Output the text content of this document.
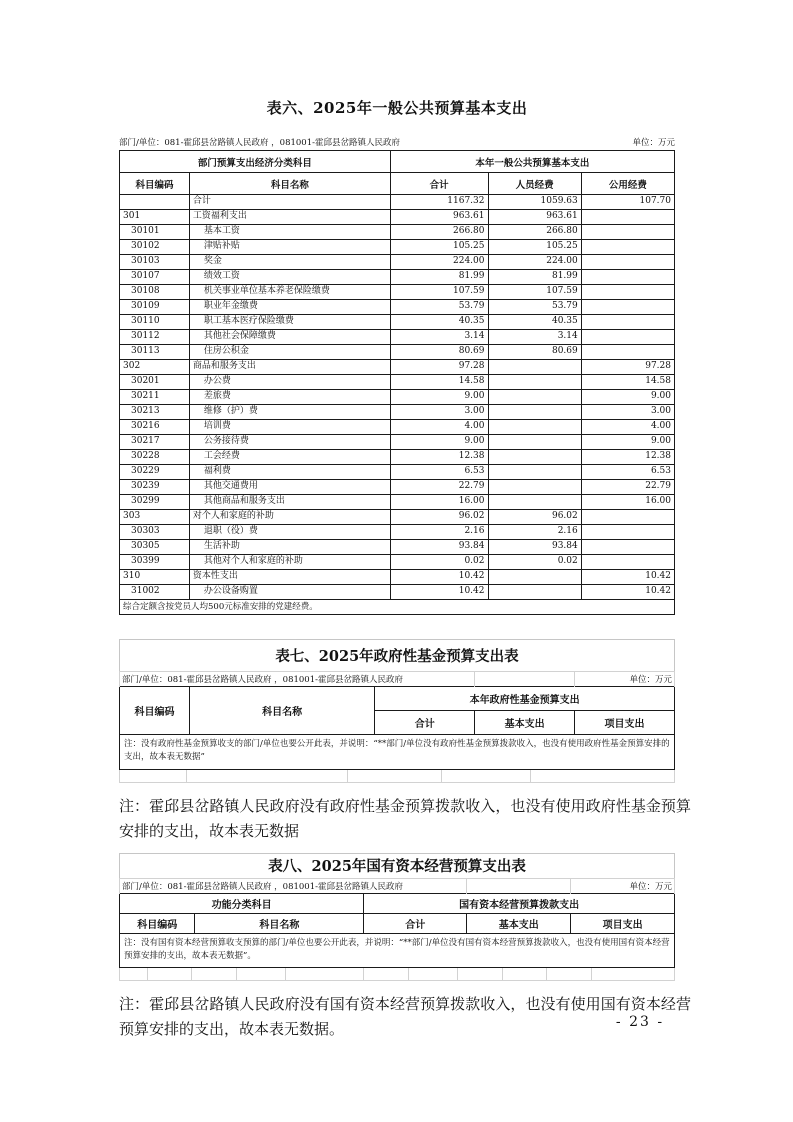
表六、2025年一般公共预算基本支出
部门/单位：081-霍邱县岔路镇人民政府 ，081001-霍邱县岔路镇人民政府	单位：万元
部门预算支出经济分类科目		本年一般公共预算基本支出		
科目编码	科目名称	合计	人员经费	公用经费
	合计	1167.32	1059.63	107.70
301	工资福利支出	963.61	963.61	
30101	基本工资	266.80	266.80	
30102	津贴补贴	105.25	105.25	
30103	奖金	224.00	224.00	
30107	绩效工资	81.99	81.99	
30108	机关事业单位基本养老保险缴费	107.59	107.59	
30109	职业年金缴费	53.79	53.79	
30110	职工基本医疗保险缴费	40.35	40.35	
30112	其他社会保障缴费	3.14	3.14	
30113	住房公积金	80.69	80.69	
302	商品和服务支出	97.28		97.28
30201	办公费	14.58		14.58
30211	差旅费	9.00		9.00
30213	维修（护）费	3.00		3.00
30216	培训费	4.00		4.00
30217	公务接待费	9.00		9.00
30228	工会经费	12.38		12.38
30229	福利费	6.53		6.53
30239	其他交通费用	22.79		22.79
30299	其他商品和服务支出	16.00		16.00
303	对个人和家庭的补助	96.02	96.02	
30303	退职（役）费	2.16	2.16	
30305	生活补助	93.84	93.84	
30399	其他对个人和家庭的补助	0.02	0.02	
310	资本性支出	10.42		10.42
31002	办公设备购置	10.42		10.42
综合定额含按党员人均500元标准安排的党建经费。				
表七、2025年政府性基金预算支出表				
部门/单位：081-霍邱县岔路镇人民政府 ，081001-霍邱县岔路镇人民政府				单位：万元
科目编码	科目名称	本年政府性基金预算支出		
		合计	基本支出	项目支出
注：没有政府性基金预算收支的部门/单位也要公开此表，并说明：“**部门/单位没有政府性基金预算拨款收入，也没有使用政府性基金预算安排的支出，故本表无数据”				

注：霍邱县岔路镇人民政府没有政府性基金预算拨款收入，也没有使用政府性基金预算安排的支出，故本表无数据
表八、2025年国有资本经营预算支出表				
部门/单位：081-霍邱县岔路镇人民政府 ，081001-霍邱县岔路镇人民政府				单位：万元
功能分类科目		国有资本经营预算拨款支出		
科目编码	科目名称	合计	基本支出	项目支出
注：没有国有资本经营预算收支预算的部门/单位也要公开此表，并说明：“**部门/单位没有国有资本经营预算拨款收入，也没有使用国有资本经营预算安排的支出，故本表无数据”。				

注：霍邱县岔路镇人民政府没有国有资本经营预算拨款收入，也没有使用国有资本经营预算安排的支出，故本表无数据。	- 23 -
